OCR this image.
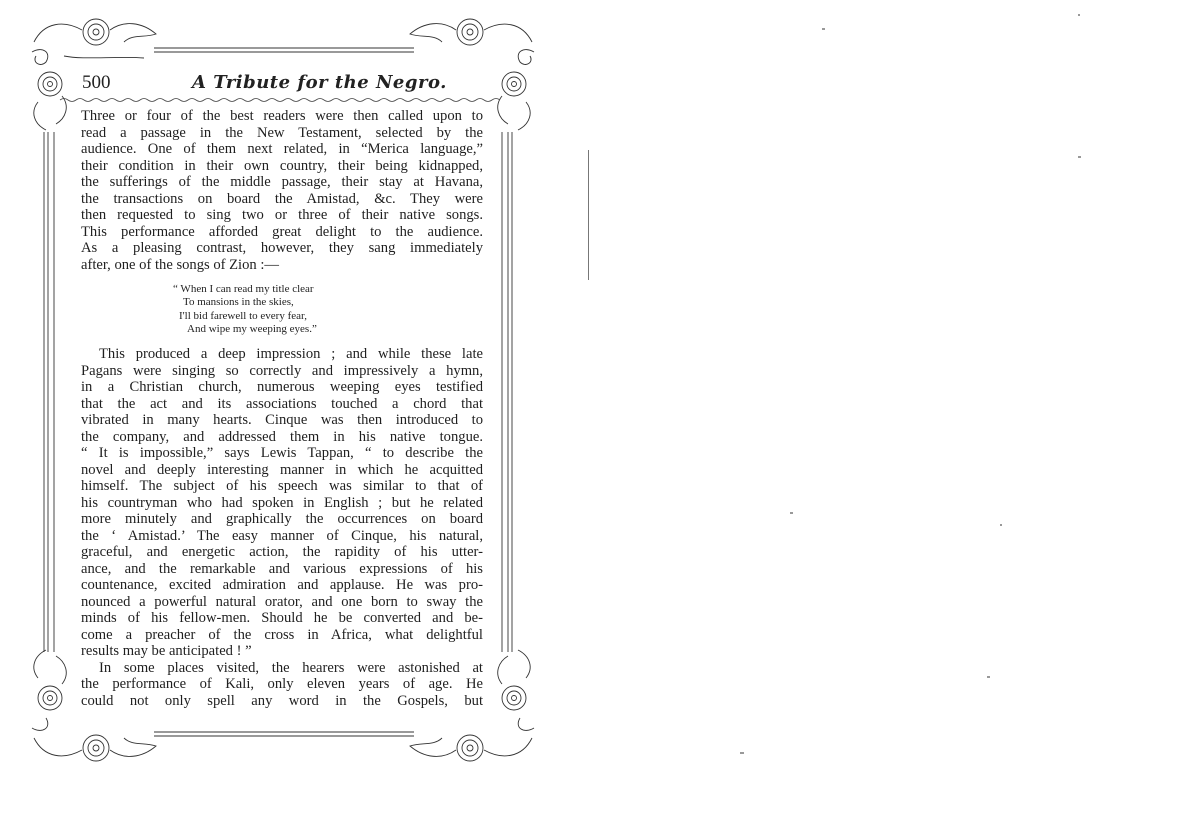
500	A Tribute for the Negro.
Three or four of the best readers were then called upon to
read a passage in the New Testament, selected by the
audience. One of them next related, in “Merica language,”
their condition in their own country, their being kidnapped,
the sufferings of the middle passage, their stay at Havana,
the transactions on board the Amistad, &c. They were
then requested to sing two or three of their native songs.
This performance afforded great delight to the audience.
As a pleasing contrast, however, they sang immediately
after, one of the songs of Zion :—
“ When I can read my title clear
To mansions in the skies,
I'll bid farewell to every fear,
And wipe my weeping eyes.”
This produced a deep impression ; and while these late
Pagans were singing so correctly and impressively a hymn,
in a Christian church, numerous weeping eyes testified
that the act and its associations touched a chord that
vibrated in many hearts. Cinque was then introduced to
the company, and addressed them in his native tongue.
“ It is impossible,” says Lewis Tappan, “ to describe the
novel and deeply interesting manner in which he acquitted
himself. The subject of his speech was similar to that of
his countryman who had spoken in English ; but he related
more minutely and graphically the occurrences on board
the ‘ Amistad.’ The easy manner of Cinque, his natural,
graceful, and energetic action, the rapidity of his utter-
ance, and the remarkable and various expressions of his
countenance, excited admiration and applause. He was pro-
nounced a powerful natural orator, and one born to sway the
minds of his fellow-men. Should he be converted and be-
come a preacher of the cross in Africa, what delightful
results may be anticipated ! ”
In some places visited, the hearers were astonished at
the performance of Kali, only eleven years of age. He
could not only spell any word in the Gospels, but
